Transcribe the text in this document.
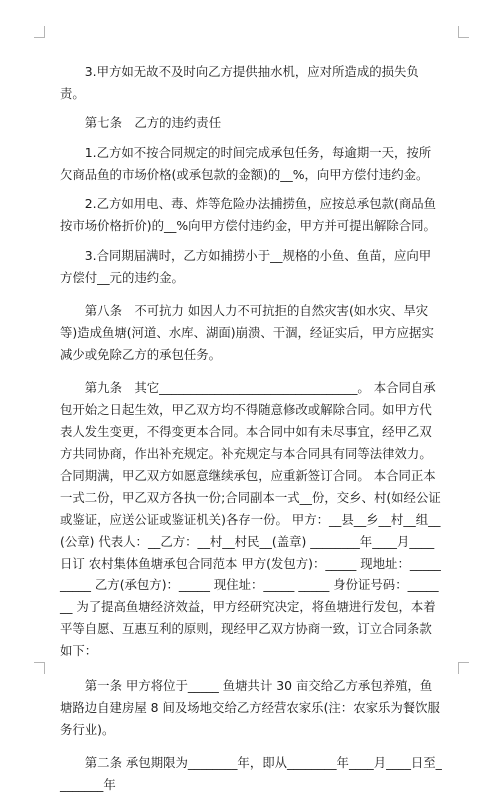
3.甲方如无故不及时向乙方提供抽水机，应对所造成的损失负责。

第七条　乙方的违约责任

1.乙方如不按合同规定的时间完成承包任务，每逾期一天，按所欠商品鱼的市场价格(或承包款的金额)的__%，向甲方偿付违约金。

2.乙方如用电、毒、炸等危险办法捕捞鱼，应按总承包款(商品鱼按市场价格折价)的__%向甲方偿付违约金，甲方并可提出解除合同。

3.合同期届满时，乙方如捕捞小于__规格的小鱼、鱼苗，应向甲方偿付__元的违约金。

第八条　不可抗力 如因人力不可抗拒的自然灾害(如水灾、旱灾等)造成鱼塘(河道、水库、湖面)崩溃、干涸，经证实后，甲方应据实减少或免除乙方的承包任务。

第九条　其它________________________________。 本合同自承包开始之日起生效，甲乙双方均不得随意修改或解除合同。如甲方代表人发生变更，不得变更本合同。本合同中如有未尽事宜，经甲乙双方共同协商，作出补充规定。补充规定与本合同具有同等法律效力。合同期满，甲乙双方如愿意继续承包，应重新签订合同。 本合同正本一式二份，甲乙双方各执一份;合同副本一式__份，交乡、村(如经公证或鉴证，应送公证或鉴证机关)各存一份。 甲方：__县__乡__村__组__(公章) 代表人：__乙方：__村__村民__(盖章) ________年____月____日订 农村集体鱼塘承包合同范本 甲方(发包方)：_____ 现地址：_____ _____ 乙方(承包方)：_____ 现住址：_____ _____ 身份证号码：_______ 为了提高鱼塘经济效益，甲方经研究决定，将鱼塘进行发包，本着平等自愿、互惠互利的原则，现经甲乙双方协商一致，订立合同条款如下：

第一条 甲方将位于_____ 鱼塘共计 30 亩交给乙方承包养殖，鱼塘路边自建房屋 8 间及场地交给乙方经营农家乐(注：农家乐为餐饮服务行业)。

第二条 承包期限为________年，即从________年____月____日至________年
